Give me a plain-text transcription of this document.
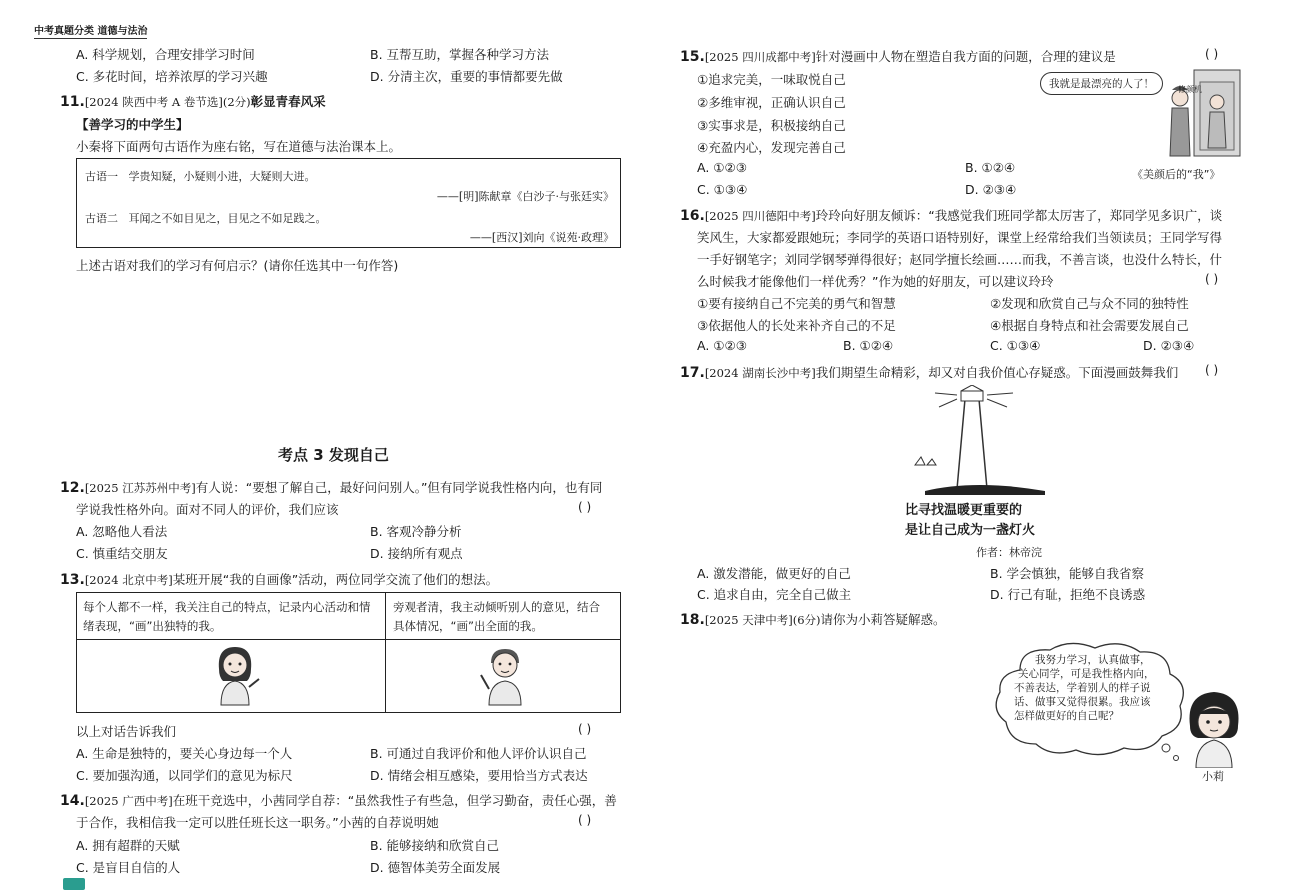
中考真题分类 道德与法治
A. 科学规划，合理安排学习时间	B. 互帮互助，掌握各种学习方法
C. 多花时间，培养浓厚的学习兴趣	D. 分清主次，重要的事情都要先做
11.[2024 陕西中考 A 卷节选](2分)彰显青春风采
【善学习的中学生】
小秦将下面两句古语作为座右铭，写在道德与法治课本上。
古语一 学贵知疑，小疑则小进，大疑则大进。
——[明]陈献章《白沙子·与张廷实》
古语二 耳闻之不如目见之，目见之不如足践之。
——[西汉]刘向《说苑·政理》
上述古语对我们的学习有何启示？(请你任选其中一句作答)
考点 3 发现自己
12.[2025 江苏苏州中考]有人说：“要想了解自己，最好问问别人。”但有同学说我性格内向，也有同
学说我性格外向。面对不同人的评价，我们应该	( )
A. 忽略他人看法	B. 客观冷静分析
C. 慎重结交朋友	D. 接纳所有观点
13.[2024 北京中考]某班开展“我的自画像”活动，两位同学交流了他们的想法。
每个人都不一样，我关注自己的特点，记录内心活动和情
绪表现，“画”出独特的我。
旁观者清，我主动倾听别人的意见，结合
具体情况，“画”出全面的我。
以上对话告诉我们	( )
A. 生命是独特的，要关心身边每一个人	B. 可通过自我评价和他人评价认识自己
C. 要加强沟通，以同学们的意见为标尺	D. 情绪会相互感染，要用恰当方式表达
14.[2025 广西中考]在班干竞选中，小茜同学自荐：“虽然我性子有些急，但学习勤奋，责任心强，善
于合作，我相信我一定可以胜任班长这一职务。”小茜的自荐说明她	( )
A. 拥有超群的天赋	B. 能够接纳和欣赏自己
C. 是盲目自信的人	D. 德智体美劳全面发展
15.[2025 四川成都中考]针对漫画中人物在塑造自我方面的问题，合理的建议是	( )
①追求完美，一味取悦自己
②多维审视，正确认识自己
③实事求是，积极接纳自己
④充盈内心，发现完善自己
A. ①②③	B. ①②④
C. ①③④	D. ②③④
我就是最漂亮的人了！	修颜机
《美颜后的“我”》
16.[2025 四川德阳中考]玲玲向好朋友倾诉：“我感觉我们班同学都太厉害了，郑同学见多识广，谈
笑风生，大家都爱跟她玩；李同学的英语口语特别好，课堂上经常给我们当领读员；王同学写得
一手好钢笔字；刘同学钢琴弹得很好；赵同学擅长绘画……而我，不善言谈，也没什么特长，什
么时候我才能像他们一样优秀？”作为她的好朋友，可以建议玲玲	( )
①要有接纳自己不完美的勇气和智慧	②发现和欣赏自己与众不同的独特性
③依据他人的长处来补齐自己的不足	④根据自身特点和社会需要发展自己
A. ①②③	B. ①②④	C. ①③④	D. ②③④
17.[2024 湖南长沙中考]我们期望生命精彩，却又对自我价值心存疑惑。下面漫画鼓舞我们 ( )
比寻找温暖更重要的
是让自己成为一盏灯火
作者：林帝浣
A. 激发潜能，做更好的自己	B. 学会慎独，能够自我省察
C. 追求自由，完全自己做主	D. 行己有耻，拒绝不良诱惑
18.[2025 天津中考](6分)请你为小莉答疑解惑。
我努力学习，认真做事，
关心同学，可是我性格内向，
不善表达，学着别人的样子说
话、做事又觉得很累。我应该
怎样做更好的自己呢？
小莉
